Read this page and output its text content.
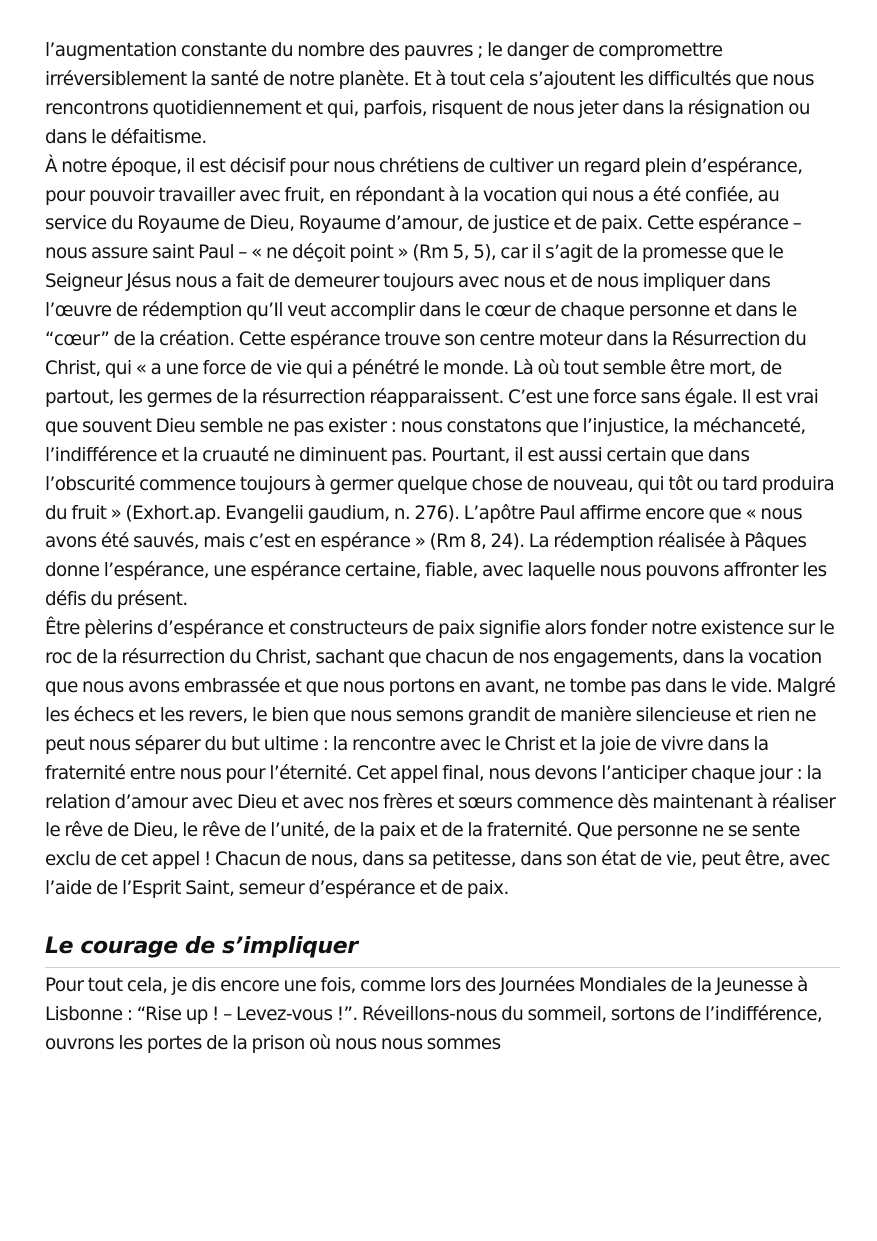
l’augmentation constante du nombre des pauvres ; le danger de compromettre irréversiblement la santé de notre planète. Et à tout cela s’ajoutent les difficultés que nous rencontrons quotidiennement et qui, parfois, risquent de nous jeter dans la résignation ou dans le défaitisme.

À notre époque, il est décisif pour nous chrétiens de cultiver un regard plein d’espérance, pour pouvoir travailler avec fruit, en répondant à la vocation qui nous a été confiée, au service du Royaume de Dieu, Royaume d’amour, de justice et de paix. Cette espérance – nous assure saint Paul – « ne déçoit point » (Rm 5, 5), car il s’agit de la promesse que le Seigneur Jésus nous a fait de demeurer toujours avec nous et de nous impliquer dans l’œuvre de rédemption qu’Il veut accomplir dans le cœur de chaque personne et dans le “cœur” de la création. Cette espérance trouve son centre moteur dans la Résurrection du Christ, qui « a une force de vie qui a pénétré le monde. Là où tout semble être mort, de partout, les germes de la résurrection réapparaissent. C’est une force sans égale. Il est vrai que souvent Dieu semble ne pas exister : nous constatons que l’injustice, la méchanceté, l’indifférence et la cruauté ne diminuent pas. Pourtant, il est aussi certain que dans l’obscurité commence toujours à germer quelque chose de nouveau, qui tôt ou tard produira du fruit » (Exhort.ap. Evangelii gaudium, n. 276). L’apôtre Paul affirme encore que « nous avons été sauvés, mais c’est en espérance » (Rm 8, 24). La rédemption réalisée à Pâques donne l’espérance, une espérance certaine, fiable, avec laquelle nous pouvons affronter les défis du présent.

Être pèlerins d’espérance et constructeurs de paix signifie alors fonder notre existence sur le roc de la résurrection du Christ, sachant que chacun de nos engagements, dans la vocation que nous avons embrassée et que nous portons en avant, ne tombe pas dans le vide. Malgré les échecs et les revers, le bien que nous semons grandit de manière silencieuse et rien ne peut nous séparer du but ultime : la rencontre avec le Christ et la joie de vivre dans la fraternité entre nous pour l’éternité. Cet appel final, nous devons l’anticiper chaque jour : la relation d’amour avec Dieu et avec nos frères et sœurs commence dès maintenant à réaliser le rêve de Dieu, le rêve de l’unité, de la paix et de la fraternité. Que personne ne se sente exclu de cet appel ! Chacun de nous, dans sa petitesse, dans son état de vie, peut être, avec l’aide de l’Esprit Saint, semeur d’espérance et de paix.

Le courage de s’impliquer

Pour tout cela, je dis encore une fois, comme lors des Journées Mondiales de la Jeunesse à Lisbonne : “Rise up ! – Levez-vous !”. Réveillons-nous du sommeil, sortons de l’indifférence, ouvrons les portes de la prison où nous nous sommes
